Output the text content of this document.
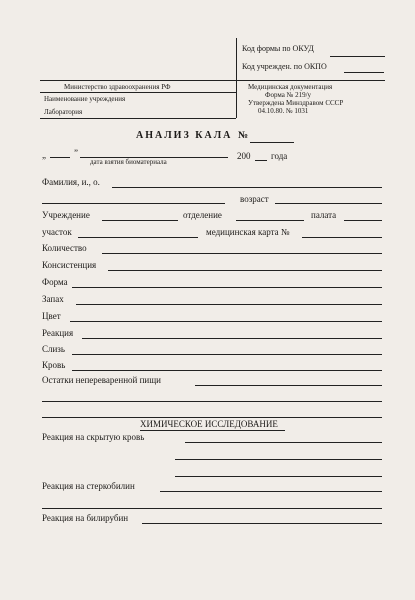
Код формы по ОКУД
Код учрежден. по ОКПО
Министерство здравоохранения РФ
Наименование учреждения
Лаборатория
Медицинская документация
Форма № 219/у
Утверждена Минздравом СССР
04.10.80. № 1031
АНАЛИЗ КАЛА №
„	”
дата взятия биоматериала
200 года
Фамилия, и., о.
возраст
Учреждение	отделение	палата
участок	медицинская карта №
Количество
Консистенция
Форма
Запах
Цвет
Реакция
Слизь
Кровь
Остатки непереваренной пищи
ХИМИЧЕСКОЕ ИССЛЕДОВАНИЕ
Реакция на скрытую кровь
Реакция на стеркобилин
Реакция на билирубин
